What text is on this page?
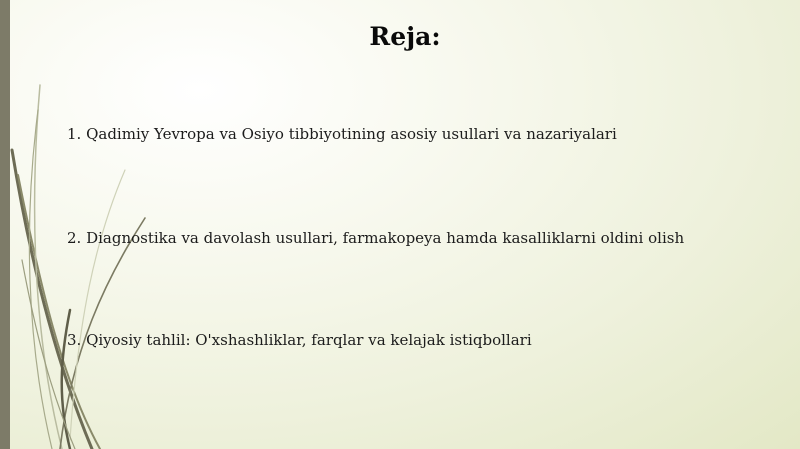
Reja:

1. Qadimiy Yevropa va Osiyo tibbiyotining asosiy usullari va nazariyalari

2. Diagnostika va davolash usullari, farmakopeya hamda kasalliklarni oldini olish

3. Qiyosiy tahlil: O'xshashliklar, farqlar va kelajak istiqbollari
